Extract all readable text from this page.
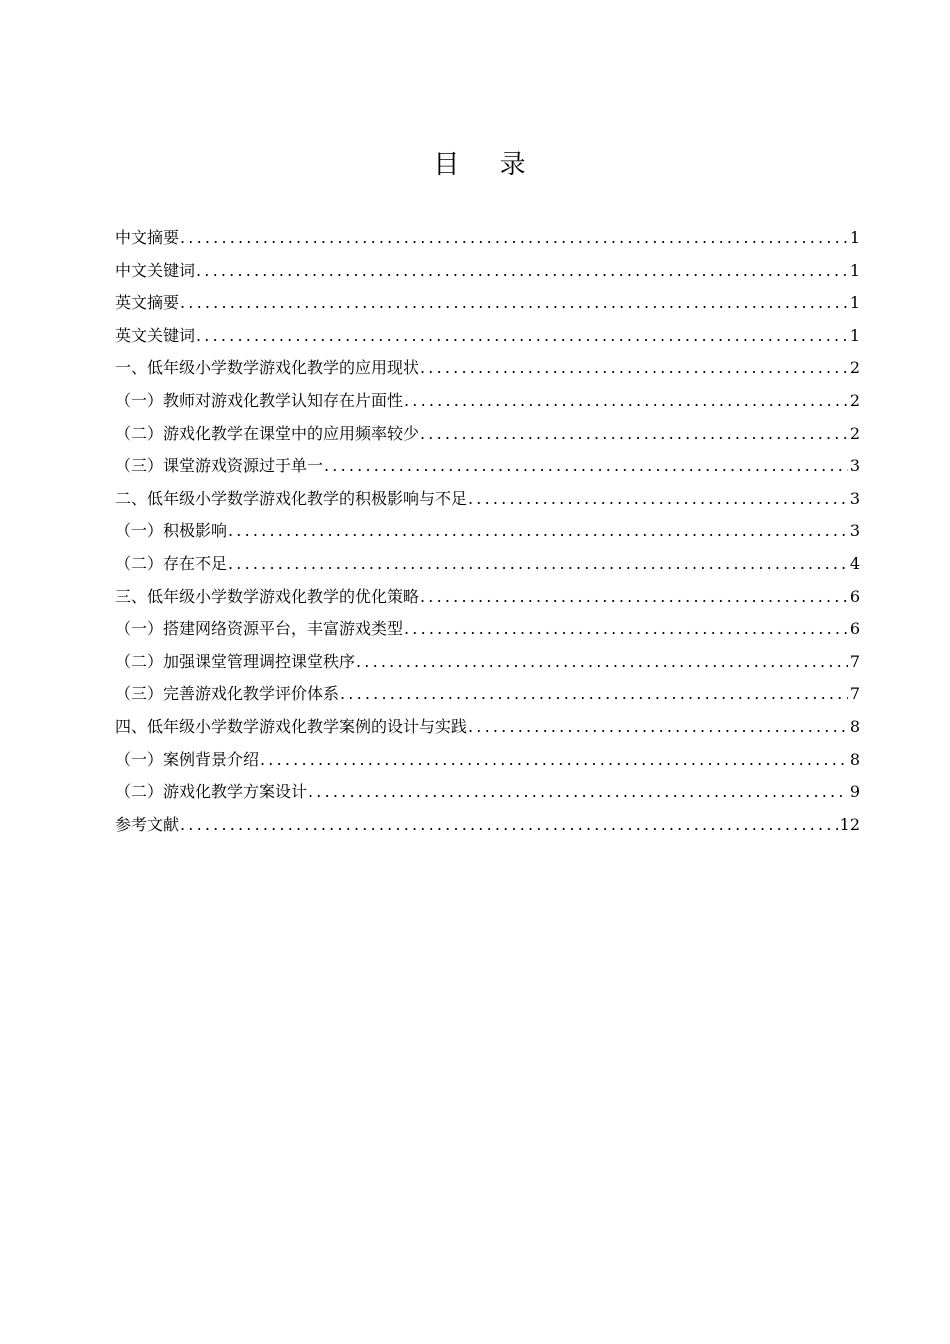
目 录
中文摘要 .....	1
中文关键词 .....	1
英文摘要 .....	1
英文关键词 .....	1
一、低年级小学数学游戏化教学的应用现状 .....	2
（一）教师对游戏化教学认知存在片面性 .....	2
（二）游戏化教学在课堂中的应用频率较少 .....	2
（三）课堂游戏资源过于单一 .....	3
二、低年级小学数学游戏化教学的积极影响与不足 .....	3
（一）积极影响 .....	3
（二）存在不足 .....	4
三、低年级小学数学游戏化教学的优化策略 .....	6
（一）搭建网络资源平台，丰富游戏类型 .....	6
（二）加强课堂管理调控课堂秩序 .....	7
（三）完善游戏化教学评价体系 .....	7
四、低年级小学数学游戏化教学案例的设计与实践 .....	8
（一）案例背景介绍 .....	8
（二）游戏化教学方案设计 .....	9
参考文献 .....	12
